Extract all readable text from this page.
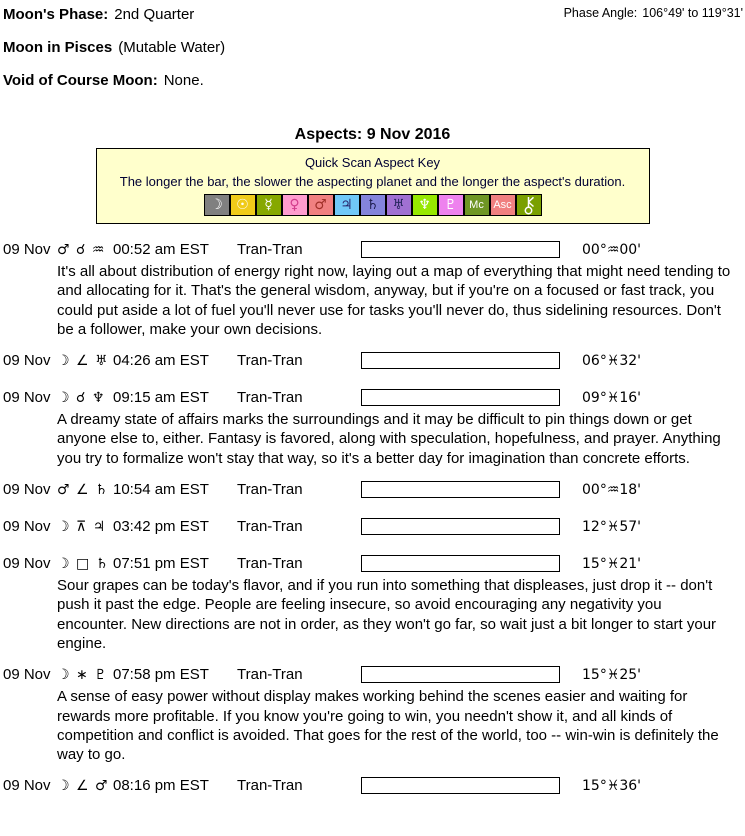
Moon's Phase: 2nd Quarter
Moon in Pisces (Mutable Water)
Void of Course Moon: None.
Phase Angle: 106°49' to 119°31'
Aspects: 9 Nov 2016
Quick Scan Aspect Key
The longer the bar, the slower the aspecting planet and the longer the aspect's duration.
☽ ☉	☿	♀	♂ ♃ ♄ ♅ ♆ ♇	Mc Asc
09 Nov ♂ ☌ ♒ 00:52 am EST	Tran-Tran	00°♒00'

It's all about distribution of energy right now, laying out a map of everything that might need tending to and allocating for it. That's the general wisdom, anyway, but if you're on a focused or fast track, you could put aside a lot of fuel you'll never use for tasks you'll never do, thus sidelining resources. Don't be a follower, make your own decisions.

09 Nov ☽ ∠ ♅ 04:26 am EST	Tran-Tran	06°♓32'
09 Nov ☽ ☌ ♆ 09:15 am EST	Tran-Tran	09°♓16'

A dreamy state of affairs marks the surroundings and it may be difficult to pin things down or get anyone else to, either. Fantasy is favored, along with speculation, hopefulness, and prayer. Anything you try to formalize won't stay that way, so it's a better day for imagination than concrete efforts.

09 Nov ♂ ∠ ♄ 10:54 am EST	Tran-Tran	00°♒18'
09 Nov ☽ ⊼ ♃ 03:42 pm EST	Tran-Tran	12°♓57'
09 Nov ☽ □ ♄ 07:51 pm EST	Tran-Tran	15°♓21'

Sour grapes can be today's flavor, and if you run into something that displeases, just drop it -- don't push it past the edge. People are feeling insecure, so avoid encouraging any negativity you encounter. New directions are not in order, as they won't go far, so wait just a bit longer to start your engine.

09 Nov ☽ ∗ ♇ 07:58 pm EST	Tran-Tran	15°♓25'

A sense of easy power without display makes working behind the scenes easier and waiting for rewards more profitable. If you know you're going to win, you needn't show it, and all kinds of competition and conflict is avoided. That goes for the rest of the world, too -- win-win is definitely the way to go.

09 Nov ☽ ∠ ♂ 08:16 pm EST	Tran-Tran	15°♓36'
